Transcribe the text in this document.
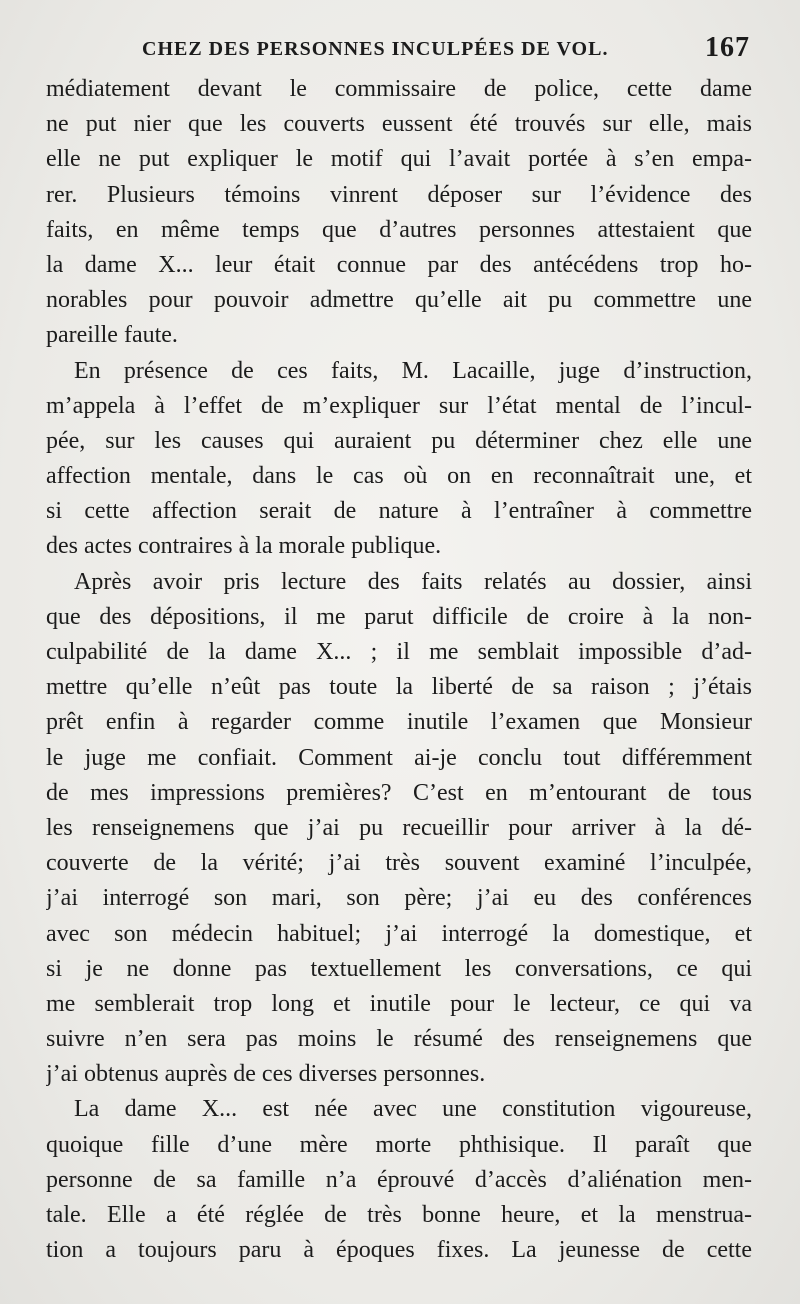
CHEZ DES PERSONNES INCULPÉES DE VOL.	167
médiatement devant le commissaire de police, cette dame
ne put nier que les couverts eussent été trouvés sur elle, mais
elle ne put expliquer le motif qui l’avait portée à s’en empa-
rer. Plusieurs témoins vinrent déposer sur l’évidence des
faits, en même temps que d’autres personnes attestaient que
la dame X... leur était connue par des antécédens trop ho-
norables pour pouvoir admettre qu’elle ait pu commettre une
pareille faute.
En présence de ces faits, M. Lacaille, juge d’instruction,
m’appela à l’effet de m’expliquer sur l’état mental de l’incul-
pée, sur les causes qui auraient pu déterminer chez elle une
affection mentale, dans le cas où on en reconnaîtrait une, et
si cette affection serait de nature à l’entraîner à commettre
des actes contraires à la morale publique.
Après avoir pris lecture des faits relatés au dossier, ainsi
que des dépositions, il me parut difficile de croire à la non-
culpabilité de la dame X... ; il me semblait impossible d’ad-
mettre qu’elle n’eût pas toute la liberté de sa raison ; j’étais
prêt enfin à regarder comme inutile l’examen que Monsieur
le juge me confiait. Comment ai-je conclu tout différemment
de mes impressions premières? C’est en m’entourant de tous
les renseignemens que j’ai pu recueillir pour arriver à la dé-
couverte de la vérité; j’ai très souvent examiné l’inculpée,
j’ai interrogé son mari, son père; j’ai eu des conférences
avec son médecin habituel; j’ai interrogé la domestique, et
si je ne donne pas textuellement les conversations, ce qui
me semblerait trop long et inutile pour le lecteur, ce qui va
suivre n’en sera pas moins le résumé des renseignemens que
j’ai obtenus auprès de ces diverses personnes.
La dame X... est née avec une constitution vigoureuse,
quoique fille d’une mère morte phthisique. Il paraît que
personne de sa famille n’a éprouvé d’accès d’aliénation men-
tale. Elle a été réglée de très bonne heure, et la menstrua-
tion a toujours paru à époques fixes. La jeunesse de cette
